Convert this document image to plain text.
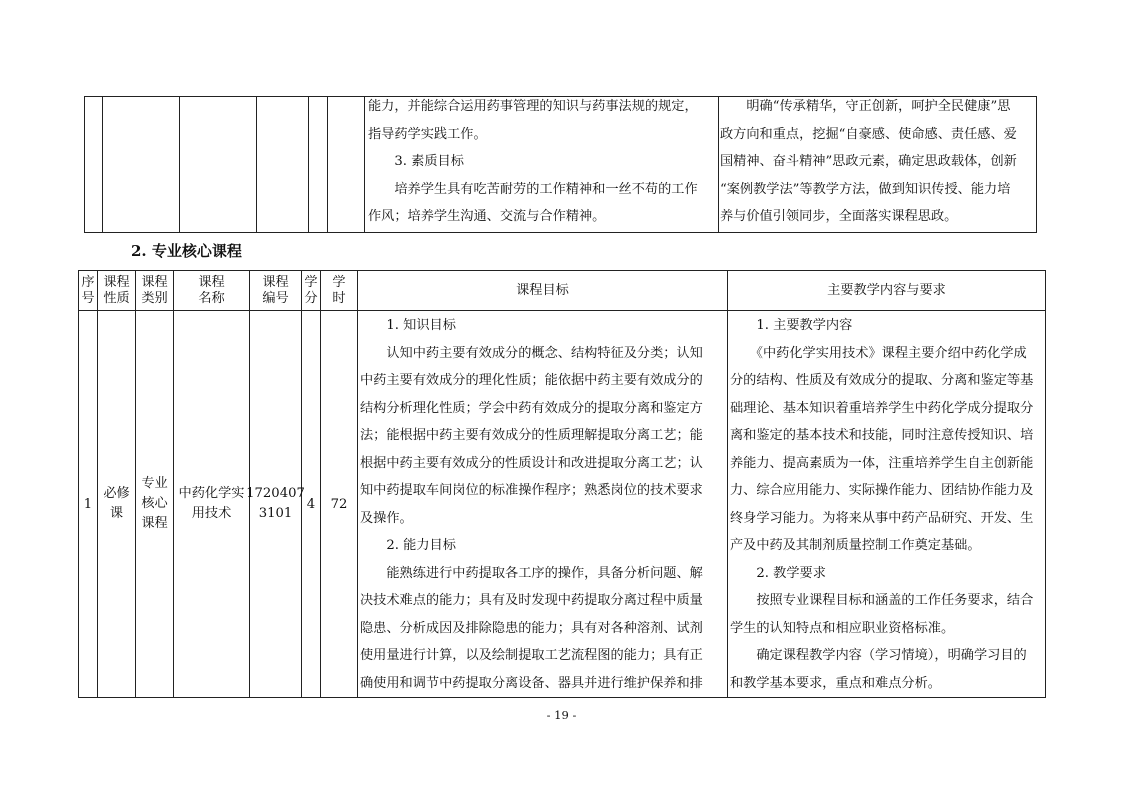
能力，并能综合运用药事管理的知识与药事法规的规定，
指导药学实践工作。
　　3. 素质目标
　　培养学生具有吃苦耐劳的工作精神和一丝不苟的工作
作风；培养学生沟通、交流与合作精神。
　　明确“传承精华，守正创新，呵护全民健康”思
政方向和重点，挖掘“自豪感、使命感、责任感、爱
国精神、奋斗精神”思政元素，确定思政载体，创新
“案例教学法”等教学方法，做到知识传授、能力培
养与价值引领同步，全面落实课程思政。
2. 专业核心课程
序号
课程性质
课程类别
课程名称
课程编号
学分
学时
课程目标	主要教学内容与要求
1
必修课
专业核心课程
中药化学实用技术
1720407
3101
4 72
　　1. 知识目标
　　认知中药主要有效成分的概念、结构特征及分类；认知
中药主要有效成分的理化性质；能依据中药主要有效成分的
结构分析理化性质；学会中药有效成分的提取分离和鉴定方
法；能根据中药主要有效成分的性质理解提取分离工艺；能
根据中药主要有效成分的性质设计和改进提取分离工艺；认
知中药提取车间岗位的标准操作程序；熟悉岗位的技术要求
及操作。
　　2. 能力目标
　　能熟练进行中药提取各工序的操作，具备分析问题、解
决技术难点的能力；具有及时发现中药提取分离过程中质量
隐患、分析成因及排除隐患的能力；具有对各种溶剂、试剂
使用量进行计算，以及绘制提取工艺流程图的能力；具有正
确使用和调节中药提取分离设备、器具并进行维护保养和排
　　1. 主要教学内容
　　《中药化学实用技术》课程主要介绍中药化学成
分的结构、性质及有效成分的提取、分离和鉴定等基
础理论、基本知识着重培养学生中药化学成分提取分
离和鉴定的基本技术和技能，同时注意传授知识、培
养能力、提高素质为一体，注重培养学生自主创新能
力、综合应用能力、实际操作能力、团结协作能力及
终身学习能力。为将来从事中药产品研究、开发、生
产及中药及其制剂质量控制工作奠定基础。
　　2. 教学要求
　　按照专业课程目标和涵盖的工作任务要求，结合
学生的认知特点和相应职业资格标准。
　　确定课程教学内容（学习情境），明确学习目的
和教学基本要求，重点和难点分析。
- 19 -
